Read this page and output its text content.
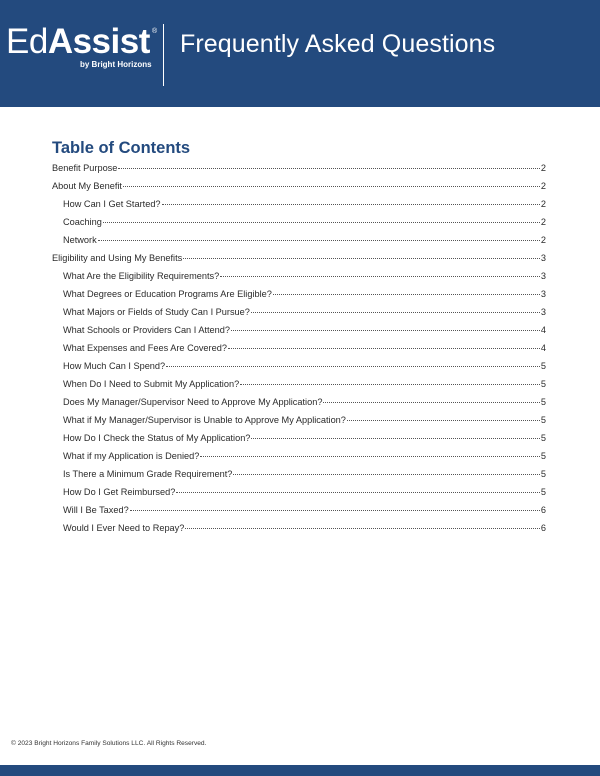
EdAssist ®
by Bright Horizons
Frequently Asked Questions
Table of Contents
Benefit Purpose	2
About My Benefit	2
How Can I Get Started?	2
Coaching	2
Network	2
Eligibility and Using My Benefits	3
What Are the Eligibility Requirements?	3
What Degrees or Education Programs Are Eligible?	3
What Majors or Fields of Study Can I Pursue?	3
What Schools or Providers Can I Attend?	4
What Expenses and Fees Are Covered?	4
How Much Can I Spend?	5
When Do I Need to Submit My Application?	5
Does My Manager/Supervisor Need to Approve My Application?	5
What if My Manager/Supervisor is Unable to Approve My Application?	5
How Do I Check the Status of My Application?	5
What if my Application is Denied?	5
Is There a Minimum Grade Requirement?	5
How Do I Get Reimbursed?	5
Will I Be Taxed?	6
Would I Ever Need to Repay?	6
© 2023 Bright Horizons Family Solutions LLC. All Rights Reserved.
